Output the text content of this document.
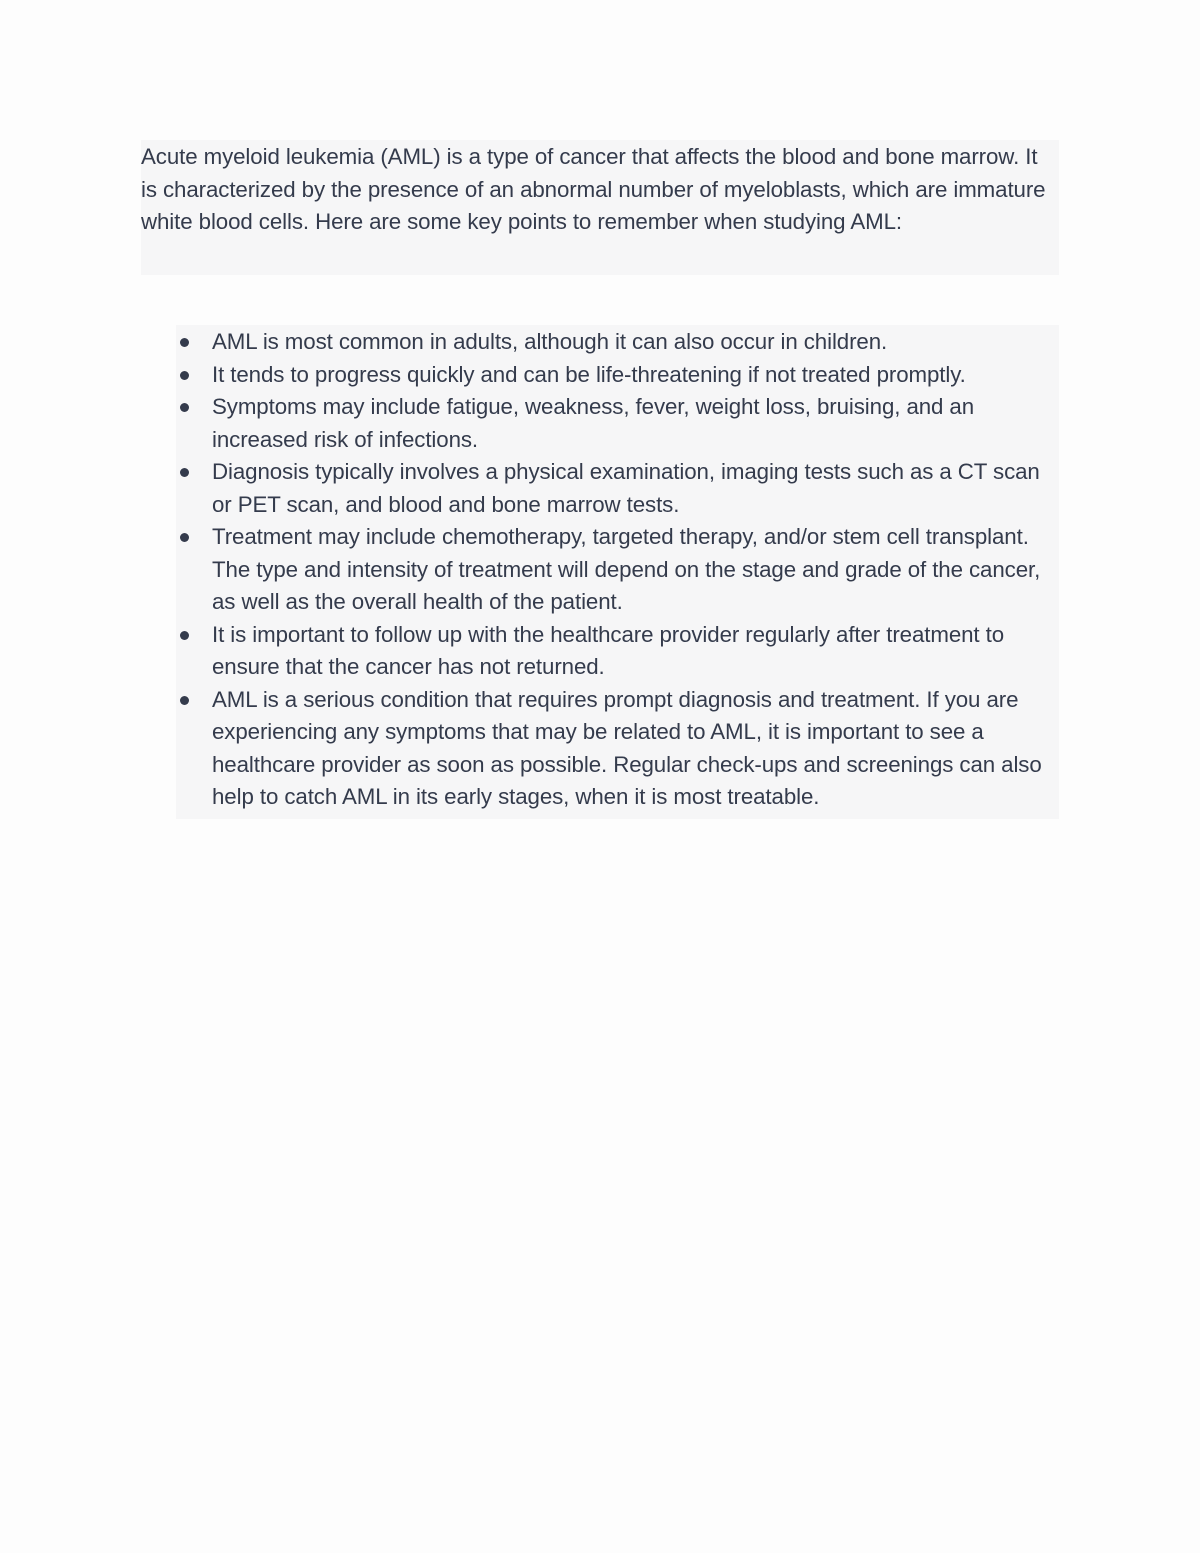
Acute myeloid leukemia (AML) is a type of cancer that affects the blood and bone marrow. It is characterized by the presence of an abnormal number of myeloblasts, which are immature white blood cells. Here are some key points to remember when studying AML:

AML is most common in adults, although it can also occur in children.
It tends to progress quickly and can be life-threatening if not treated promptly.
Symptoms may include fatigue, weakness, fever, weight loss, bruising, and an increased risk of infections.
Diagnosis typically involves a physical examination, imaging tests such as a CT scan or PET scan, and blood and bone marrow tests.
Treatment may include chemotherapy, targeted therapy, and/or stem cell transplant. The type and intensity of treatment will depend on the stage and grade of the cancer, as well as the overall health of the patient.
It is important to follow up with the healthcare provider regularly after treatment to ensure that the cancer has not returned.
AML is a serious condition that requires prompt diagnosis and treatment. If you are experiencing any symptoms that may be related to AML, it is important to see a healthcare provider as soon as possible. Regular check-ups and screenings can also help to catch AML in its early stages, when it is most treatable.
